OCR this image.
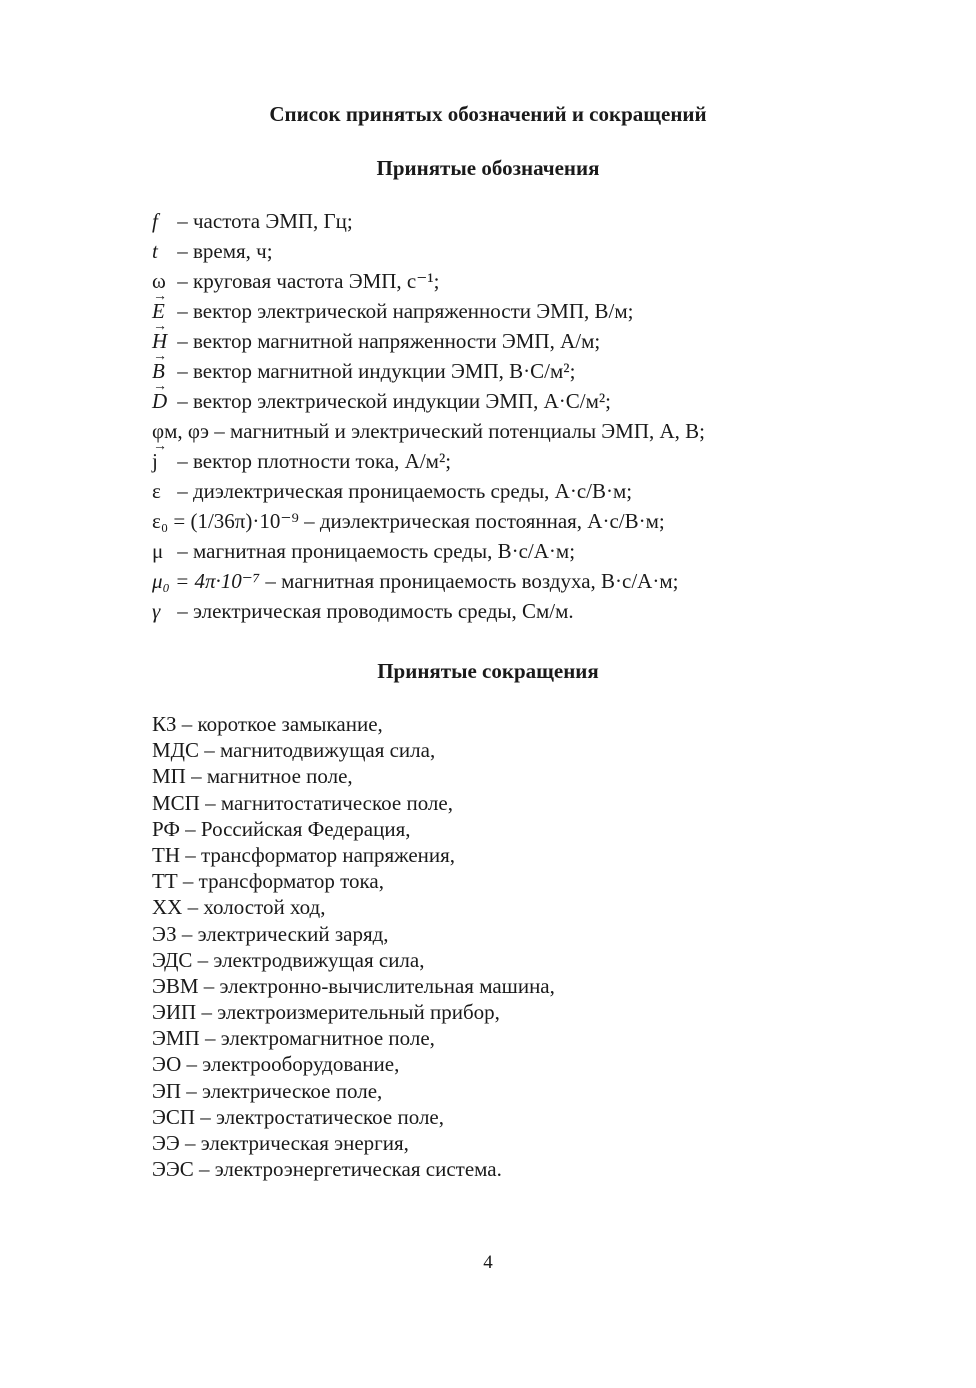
Список принятых обозначений и сокращений
Принятые обозначения
f – частота ЭМП, Гц;
t – время, ч;
ω – круговая частота ЭМП, с⁻¹;
→ E – вектор электрической напряженности ЭМП, В/м;
→ H – вектор магнитной напряженности ЭМП, А/м;
→ B – вектор магнитной индукции ЭМП, В·С/м²;
→ D – вектор электрической индукции ЭМП, А·С/м²;
φм, φэ – магнитный и электрический потенциалы ЭМП, А, В;
→ j – вектор плотности тока, А/м²;
ε – диэлектрическая проницаемость среды, А·с/В·м;
ε₀ = (1/36π)·10⁻⁹ – диэлектрическая постоянная, А·с/В·м;
μ – магнитная проницаемость среды, В·с/А·м;
μ₀ = 4π·10⁻⁷ – магнитная проницаемость воздуха, В·с/А·м;
γ – электрическая проводимость среды, См/м.
Принятые сокращения
КЗ – короткое замыкание,
МДС – магнитодвижущая сила,
МП – магнитное поле,
МСП – магнитостатическое поле,
РФ – Российская Федерация,
ТН – трансформатор напряжения,
ТТ – трансформатор тока,
ХХ – холостой ход,
ЭЗ – электрический заряд,
ЭДС – электродвижущая сила,
ЭВМ – электронно-вычислительная машина,
ЭИП – электроизмерительный прибор,
ЭМП – электромагнитное поле,
ЭО – электрооборудование,
ЭП – электрическое поле,
ЭСП – электростатическое поле,
ЭЭ – электрическая энергия,
ЭЭС – электроэнергетическая система.

4
